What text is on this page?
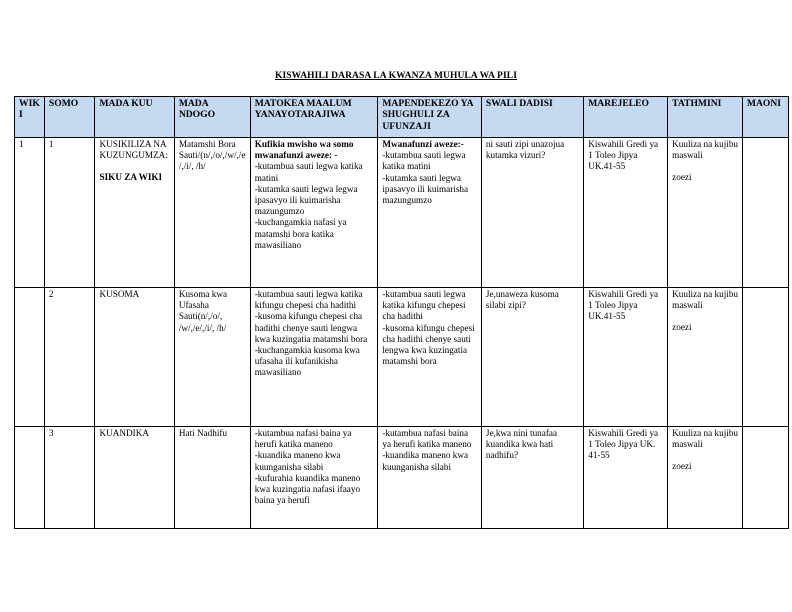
KISWAHILI DARASA LA KWANZA MUHULA WA PILI
WIKI	SOMO	MADA KUU	MADA NDOGO	MATOKEA MAALUM YANAYOTARAJIWA	MAPENDEKEZO YA SHUGHULI ZA UFUNZAJI	SWALI DADISI	MAREJELEO	TATHMINI	MAONI
1	1	KUSIKILIZA NA KUZUNGUMZA:
SIKU ZA WIKI	Matamshi Bora Sauti/(n/,/o/,/w/,/e/,/i/, /h/	Kufikia mwisho wa somo mwanafunzi aweze: -
-kutambua sauti legwa katika matini
-kutamka sauti legwa legwa ipasavyo ili kuimarisha mazungumzo
-kuchangamkia nafasi ya matamshi bora katika mawasiliano	Mwanafunzi aweze:-
-kutambua sauti legwa katika matini
-kutamka sauti legwa ipasavyo ili kuimarisha mazungumzo	ni sauti zipi unazojua kutamka vizuri?	Kiswahili Gredi ya 1 Toleo Jipya UK.41-55	Kuuliza na kujibu maswali
zoezi	

	2	KUSOMA	Kusoma kwa Ufasaha Sauti(n/,/o/, /w/,/e/,/i/, /h/	-kutambua sauti legwa katika kifungu chepesi cha hadithi
-kusoma kifungu chepesi cha hadithi chenye sauti lengwa kwa kuzingatia matamshi bora
-kuchangamkia kusoma kwa ufasaha ili kufanikisha mawasiliano	-kutambua sauti legwa katika kifungu chepesi cha hadithi
-kusoma kifungu chepesi cha hadithi chenye sauti lengwa kwa kuzingatia matamshi bora	Je,unaweza kusoma silabi zipi?	Kiswahili Gredi ya 1 Toleo Jipya UK.41-55	Kuuliza na kujibu maswali
zoezi	

	3	KUANDIKA	Hati Nadhifu	-kutambua nafasi baina ya herufi katika maneno
-kuandika maneno kwa kuunganisha silabi
-kufurahia kuandika maneno kwa kuzingatia nafasi ifaayo baina ya herufi	-kutambua nafasi baina ya herufi katika maneno
-kuandika maneno kwa kuunganisha silabi	Je,kwa nini tunafaa kuandika kwa hati nadhifu?	Kiswahili Gredi ya 1 Toleo Jipya UK. 41-55	Kuuliza na kujibu maswali
zoezi	
